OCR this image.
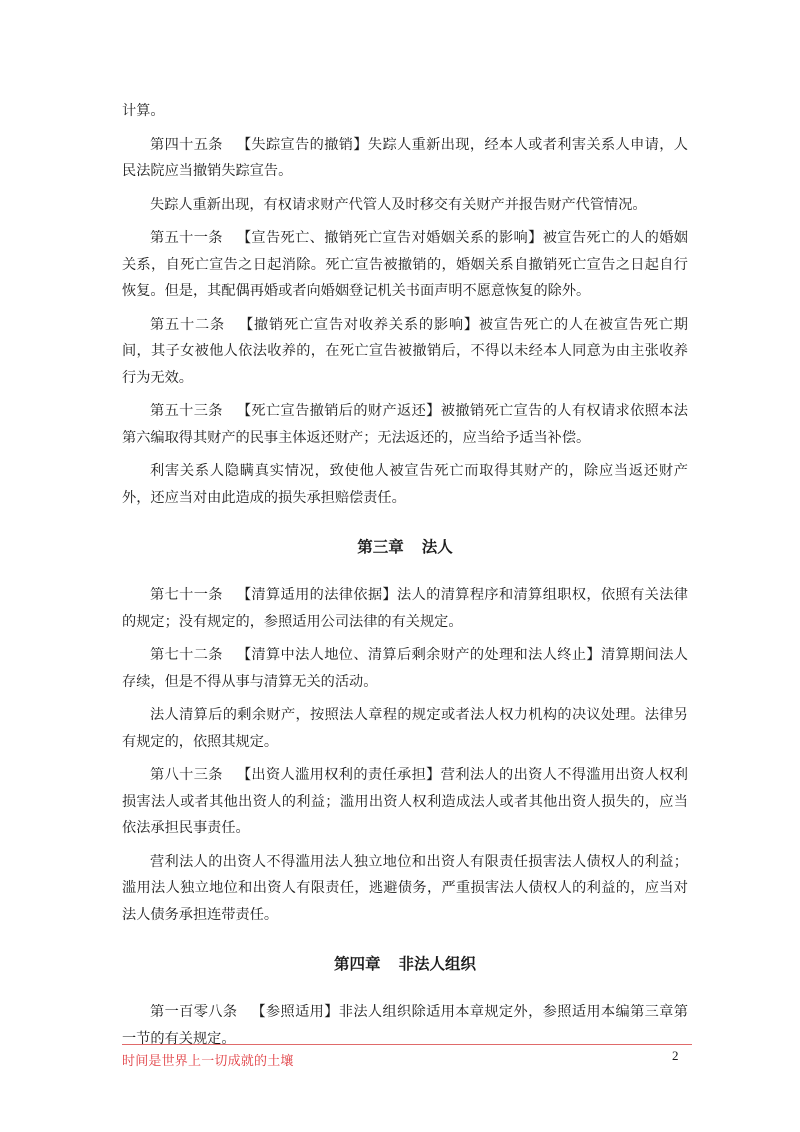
计算。

第四十五条 【失踪宣告的撤销】失踪人重新出现，经本人或者利害关系人申请，人民法院应当撤销失踪宣告。

失踪人重新出现，有权请求财产代管人及时移交有关财产并报告财产代管情况。

第五十一条 【宣告死亡、撤销死亡宣告对婚姻关系的影响】被宣告死亡的人的婚姻关系，自死亡宣告之日起消除。死亡宣告被撤销的，婚姻关系自撤销死亡宣告之日起自行恢复。但是，其配偶再婚或者向婚姻登记机关书面声明不愿意恢复的除外。

第五十二条 【撤销死亡宣告对收养关系的影响】被宣告死亡的人在被宣告死亡期间，其子女被他人依法收养的，在死亡宣告被撤销后，不得以未经本人同意为由主张收养行为无效。

第五十三条 【死亡宣告撤销后的财产返还】被撤销死亡宣告的人有权请求依照本法第六编取得其财产的民事主体返还财产；无法返还的，应当给予适当补偿。

利害关系人隐瞒真实情况，致使他人被宣告死亡而取得其财产的，除应当返还财产外，还应当对由此造成的损失承担赔偿责任。

第三章 法人

第七十一条 【清算适用的法律依据】法人的清算程序和清算组职权，依照有关法律的规定；没有规定的，参照适用公司法律的有关规定。

第七十二条 【清算中法人地位、清算后剩余财产的处理和法人终止】清算期间法人存续，但是不得从事与清算无关的活动。

法人清算后的剩余财产，按照法人章程的规定或者法人权力机构的决议处理。法律另有规定的，依照其规定。

第八十三条 【出资人滥用权利的责任承担】营利法人的出资人不得滥用出资人权利损害法人或者其他出资人的利益；滥用出资人权利造成法人或者其他出资人损失的，应当依法承担民事责任。

营利法人的出资人不得滥用法人独立地位和出资人有限责任损害法人债权人的利益；滥用法人独立地位和出资人有限责任，逃避债务，严重损害法人债权人的利益的，应当对法人债务承担连带责任。

第四章 非法人组织

第一百零八条 【参照适用】非法人组织除适用本章规定外，参照适用本编第三章第一节的有关规定。

时间是世界上一切成就的土壤	2
